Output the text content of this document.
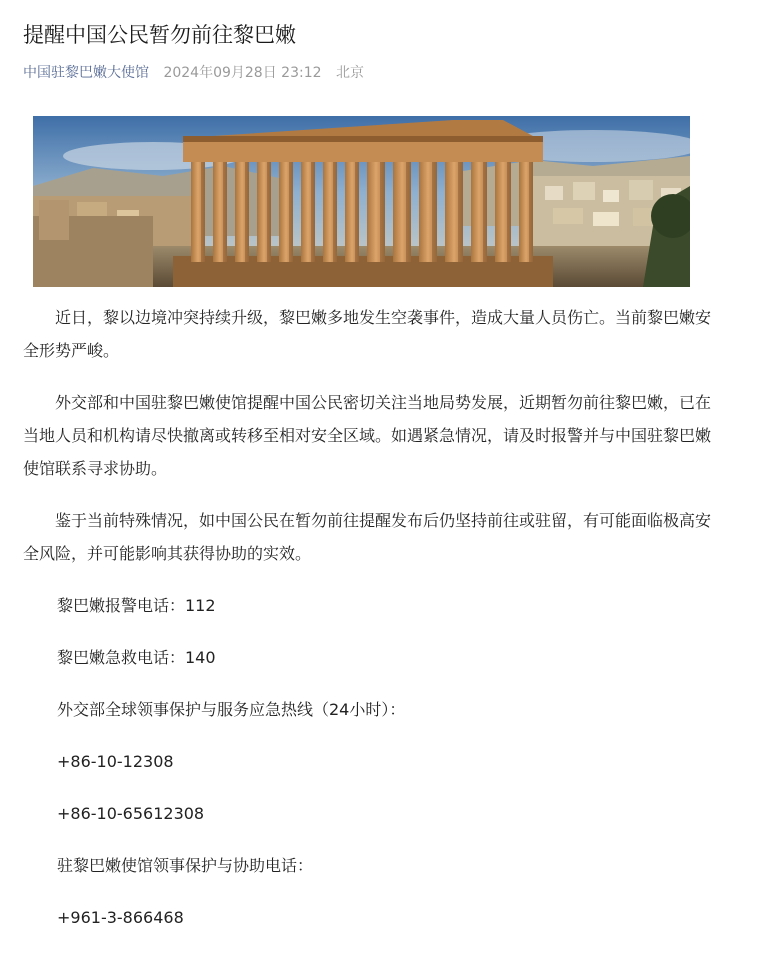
提醒中国公民暂勿前往黎巴嫩
中国驻黎巴嫩大使馆 2024年09月28日 23:12 北京

近日，黎以边境冲突持续升级，黎巴嫩多地发生空袭事件，造成大量人员伤亡。当前黎巴嫩安全形势严峻。

外交部和中国驻黎巴嫩使馆提醒中国公民密切关注当地局势发展，近期暂勿前往黎巴嫩，已在当地人员和机构请尽快撤离或转移至相对安全区域。如遇紧急情况，请及时报警并与中国驻黎巴嫩使馆联系寻求协助。

鉴于当前特殊情况，如中国公民在暂勿前往提醒发布后仍坚持前往或驻留，有可能面临极高安全风险，并可能影响其获得协助的实效。

黎巴嫩报警电话：112

黎巴嫩急救电话：140

外交部全球领事保护与服务应急热线（24小时）：

+86-10-12308

+86-10-65612308

驻黎巴嫩使馆领事保护与协助电话：

+961-3-866468
